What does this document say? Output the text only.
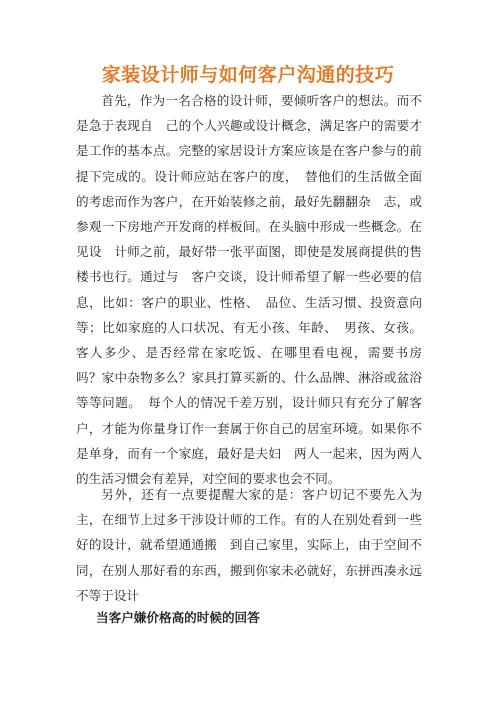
家装设计师与如何客户沟通的技巧

首先，作为一名合格的设计师，要倾听客户的想法。而不是急于表现自　己的个人兴趣或设计概念，满足客户的需要才是工作的基本点。完整的家居设计方案应该是在客户参与的前提下完成的。设计师应站在客户的度，　替他们的生活做全面的考虑而作为客户，在开始装修之前，最好先翻翻杂　志，或参观一下房地产开发商的样板间。在头脑中形成一些概念。在见设　计师之前，最好带一张平面图，即使是发展商提供的售楼书也行。通过与　客户交谈，设计师希望了解一些必要的信息，比如：客户的职业、性格、　品位、生活习惯、投资意向等；比如家庭的人口状况、有无小孩、年龄、　男孩、女孩。客人多少、是否经常在家吃饭、在哪里看电视，需要书房　吗？家中杂物多么？家具打算买新的、什么品牌、淋浴或盆浴等等问题。　每个人的情况千差万别，设计师只有充分了解客户，才能为你量身订作一套属于你自己的居室环境。如果你不是单身，而有一个家庭，最好是夫妇　两人一起来，因为两人的生活习惯会有差异，对空间的要求也会不同。

另外，还有一点要提醒大家的是：客户切记不要先入为主，在细节上过多干涉设计师的工作。有的人在别处看到一些好的设计，就希望通通搬　到自己家里，实际上，由于空间不同，在别人那好看的东西，搬到你家未必就好，东拼西凑永远不等于设计

当客户嫌价格高的时候的回答
